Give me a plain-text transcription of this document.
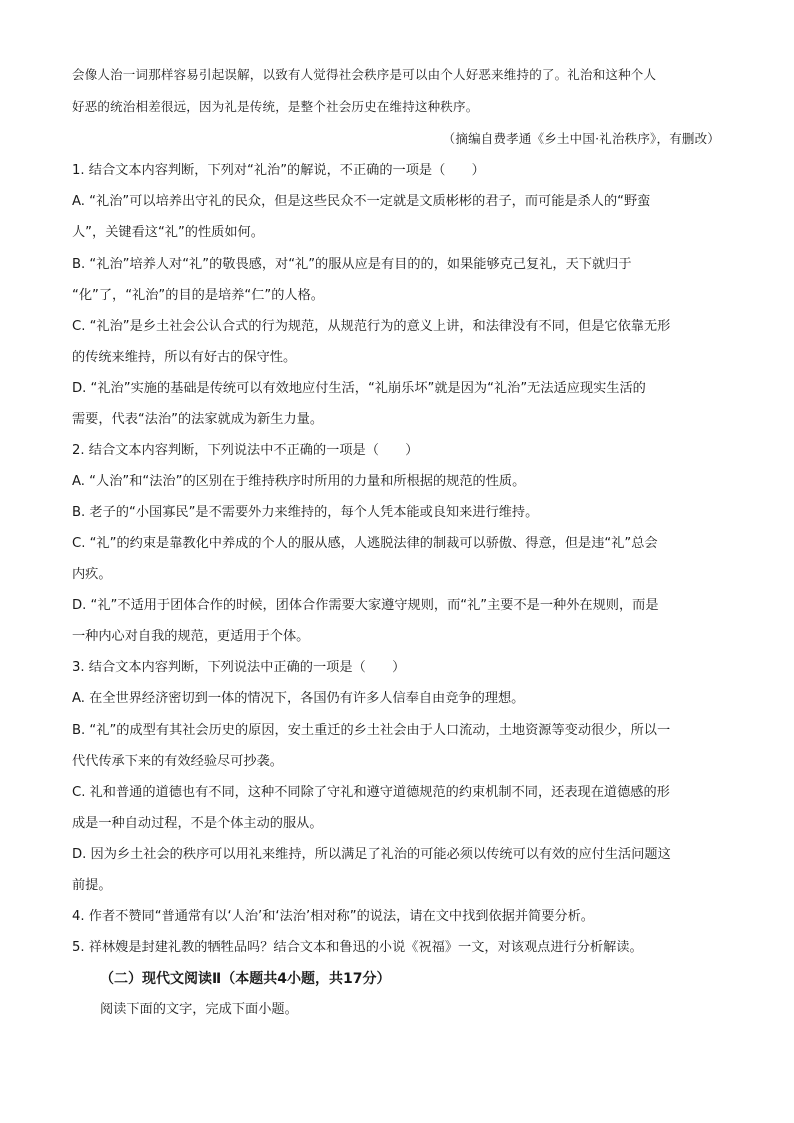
会像人治一词那样容易引起误解，以致有人觉得社会秩序是可以由个人好恶来维持的了。礼治和这种个人
好恶的统治相差很远，因为礼是传统，是整个社会历史在维持这种秩序。
（摘编自费孝通《乡土中国·礼治秩序》，有删改）
1. 结合文本内容判断，下列对“礼治”的解说，不正确的一项是（　　）
A. “礼治”可以培养出守礼的民众，但是这些民众不一定就是文质彬彬的君子，而可能是杀人的“野蛮
人”，关键看这“礼”的性质如何。
B. “礼治”培养人对“礼”的敬畏感，对“礼”的服从应是有目的的，如果能够克己复礼，天下就归于
“化”了，“礼治”的目的是培养“仁”的人格。
C. “礼治”是乡土社会公认合式的行为规范，从规范行为的意义上讲，和法律没有不同，但是它依靠无形
的传统来维持，所以有好古的保守性。
D. “礼治”实施的基础是传统可以有效地应付生活，“礼崩乐坏”就是因为“礼治”无法适应现实生活的
需要，代表“法治”的法家就成为新生力量。
2. 结合文本内容判断，下列说法中不正确的一项是（　　）
A. “人治”和“法治”的区别在于维持秩序时所用的力量和所根据的规范的性质。
B. 老子的“小国寡民”是不需要外力来维持的，每个人凭本能或良知来进行维持。
C. “礼”的约束是靠教化中养成的个人的服从感，人逃脱法律的制裁可以骄傲、得意，但是违“礼”总会
内疚。
D. “礼”不适用于团体合作的时候，团体合作需要大家遵守规则，而“礼”主要不是一种外在规则，而是
一种内心对自我的规范，更适用于个体。
3. 结合文本内容判断，下列说法中正确的一项是（　　）
A. 在全世界经济密切到一体的情况下，各国仍有许多人信奉自由竞争的理想。
B. “礼”的成型有其社会历史的原因，安土重迁的乡土社会由于人口流动，土地资源等变动很少，所以一
代代传承下来的有效经验尽可抄袭。
C. 礼和普通的道德也有不同，这种不同除了守礼和遵守道德规范的约束机制不同，还表现在道德感的形
成是一种自动过程，不是个体主动的服从。
D. 因为乡土社会的秩序可以用礼来维持，所以满足了礼治的可能必须以传统可以有效的应付生活问题这
前提。
4. 作者不赞同“普通常有以‘人治’和‘法治’相对称”的说法，请在文中找到依据并简要分析。
5. 祥林嫂是封建礼教的牺牲品吗？结合文本和鲁迅的小说《祝福》一文，对该观点进行分析解读。
（二）现代文阅读Ⅱ（本题共4小题，共17分）
阅读下面的文字，完成下面小题。
